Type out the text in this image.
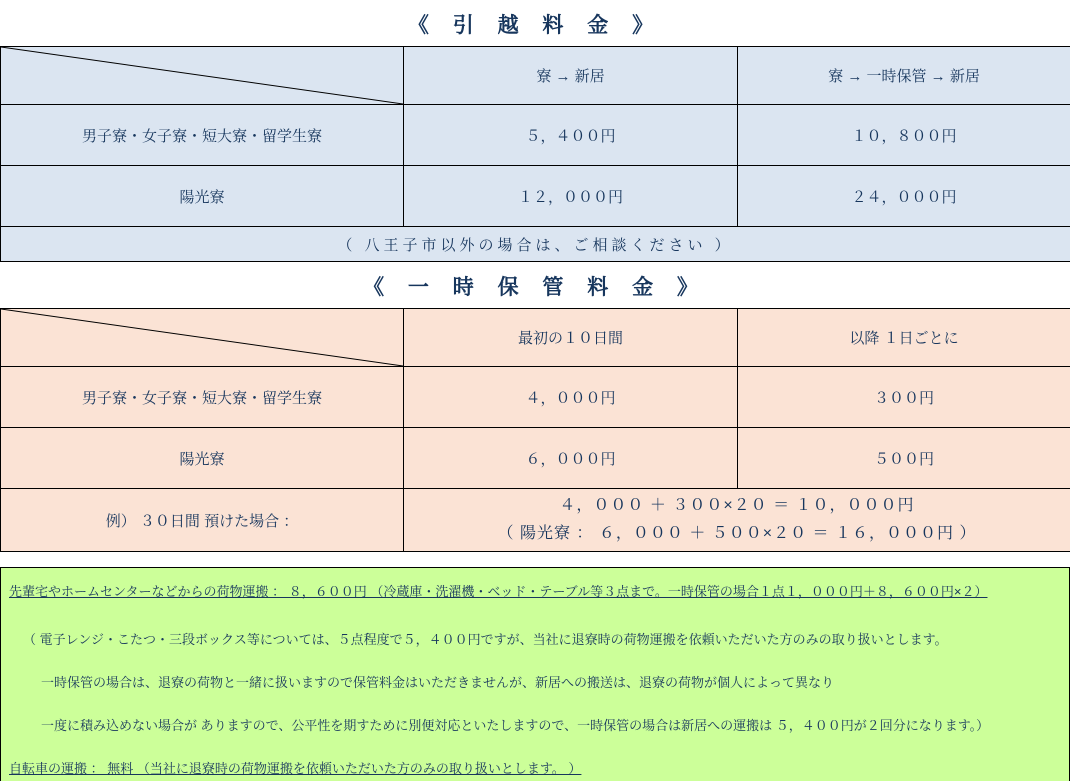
《 引 越 料 金 》
	寮 → 新居	寮 → 一時保管 → 新居
男子寮・女子寮・短大寮・留学生寮	５，４００円	１０，８００円
陽光寮	１２，０００円	２４，０００円
（ 八王子市以外の場合は、ご相談ください ）		
《 一 時 保 管 料 金 》
	最初の１０日間	以降 １日ごとに
男子寮・女子寮・短大寮・留学生寮	４，０００円	３００円
陽光寮	６，０００円	５００円
例） ３０日間 預けた場合 ：	４，０００ ＋ ３００×２０ ＝ １０，０００円
（ 陽光寮 ： ６，０００ ＋ ５００×２０ ＝ １６，０００円 ）	
先輩宅やホームセンターなどからの荷物運搬 ： ８，６００円 （冷蔵庫・洗濯機・ベッド・テーブル等３点まで。一時保管の場合１点１，０００円＋８，６００円×２）
（ 電子レンジ・こたつ・三段ボックス等については、５点程度で５，４００円ですが、当社に退寮時の荷物運搬を依頼いただいた方のみの取り扱いとします。
一時保管の場合は、退寮の荷物と一緒に扱いますので保管料金はいただきませんが、新居への搬送は、退寮の荷物が個人によって異なり
一度に積み込めない場合が ありますので、公平性を期すために別便対応といたしますので、一時保管の場合は新居への運搬は ５，４００円が２回分になります。）
自転車の運搬 ： 無料 （当社に退寮時の荷物運搬を依頼いただいた方のみの取り扱いとします。 ）
